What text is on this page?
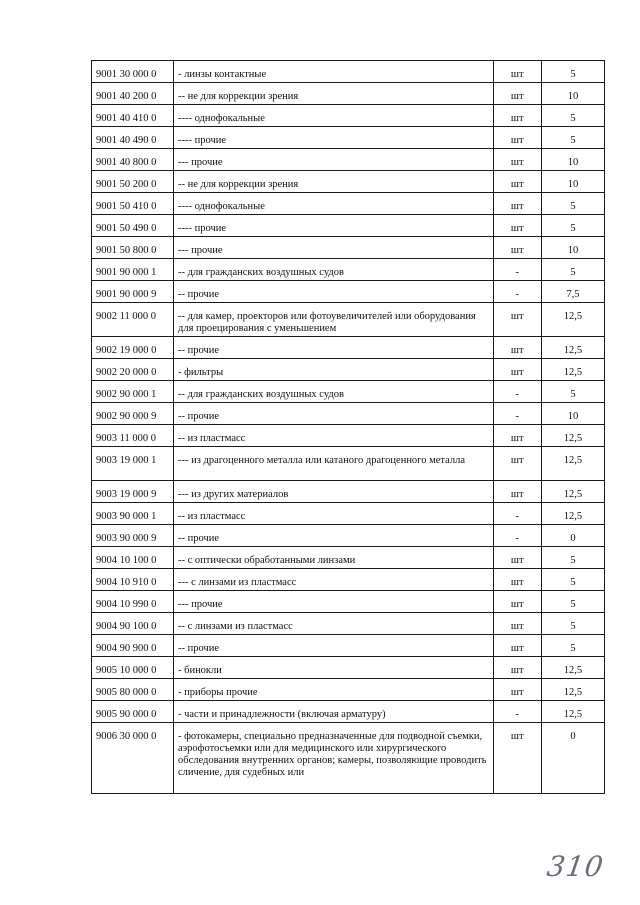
9001 30 000 0	- линзы контактные	шт	5
9001 40 200 0	-- не для коррекции зрения	шт	10
9001 40 410 0	---- однофокальные	шт	5
9001 40 490 0	---- прочие	шт	5
9001 40 800 0	--- прочие	шт	10
9001 50 200 0	-- не для коррекции зрения	шт	10
9001 50 410 0	---- однофокальные	шт	5
9001 50 490 0	---- прочие	шт	5
9001 50 800 0	--- прочие	шт	10
9001 90 000 1	-- для гражданских воздушных судов	-	5
9001 90 000 9	-- прочие	-	7,5
9002 11 000 0	-- для камер, проекторов или фотоувеличителей или оборудования для проецирования с уменьшением	шт	12,5
9002 19 000 0	-- прочие	шт	12,5
9002 20 000 0	- фильтры	шт	12,5
9002 90 000 1	-- для гражданских воздушных судов	-	5
9002 90 000 9	-- прочие	-	10
9003 11 000 0	-- из пластмасс	шт	12,5
9003 19 000 1	--- из драгоценного металла или катаного драгоценного металла	шт	12,5
9003 19 000 9	--- из других материалов	шт	12,5
9003 90 000 1	-- из пластмасс	-	12,5
9003 90 000 9	-- прочие	-	0
9004 10 100 0	-- с оптически обработанными линзами	шт	5
9004 10 910 0	--- с линзами из пластмасс	шт	5
9004 10 990 0	--- прочие	шт	5
9004 90 100 0	-- с линзами из пластмасс	шт	5
9004 90 900 0	-- прочие	шт	5
9005 10 000 0	- бинокли	шт	12,5
9005 80 000 0	- приборы прочие	шт	12,5
9005 90 000 0	- части и принадлежности (включая арматуру)	-	12,5
9006 30 000 0	- фотокамеры, специально предназначенные для подводной съемки, аэрофотосъемки или для медицинского или хирургического обследования внутренних органов; камеры, позволяющие проводить сличение, для судебных или	шт	0
310
